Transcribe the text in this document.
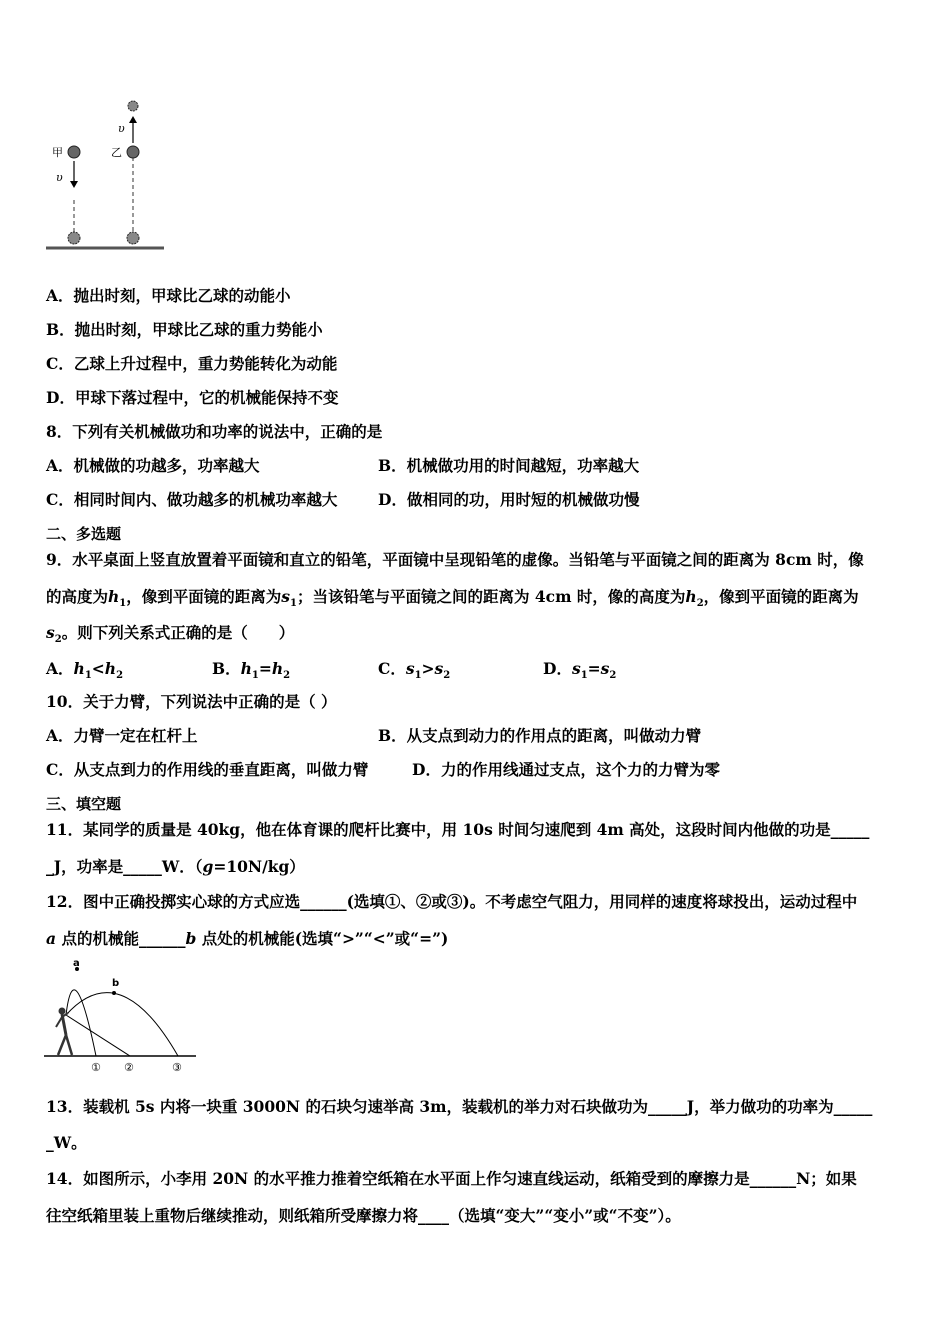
甲	乙
υ
υ
A．抛出时刻，甲球比乙球的动能小
B．抛出时刻，甲球比乙球的重力势能小
C．乙球上升过程中，重力势能转化为动能
D．甲球下落过程中，它的机械能保持不变
8．下列有关机械做功和功率的说法中，正确的是
A．机械做的功越多，功率越大	B．机械做功用的时间越短，功率越大
C．相同时间内、做功越多的机械功率越大	D．做相同的功，用时短的机械做功慢
二、多选题
9．水平桌面上竖直放置着平面镜和直立的铅笔，平面镜中呈现铅笔的虚像。当铅笔与平面镜之间的距离为 8cm 时，像
的高度为$h_1$，像到平面镜的距离为$s_1$；当该铅笔与平面镜之间的距离为 4cm 时，像的高度为$h_2$，像到平面镜的距离为
$s_2$。则下列关系式正确的是（　　）
A．$h_1<h_2$	B．$h_1=h_2$	C．$s_1>s_2$	D．$s_1=s_2$
10．关于力臂，下列说法中正确的是（ ）
A．力臂一定在杠杆上	B．从支点到动力的作用点的距离，叫做动力臂
C．从支点到力的作用线的垂直距离，叫做力臂	D．力的作用线通过支点，这个力的力臂为零
三、填空题
11．某同学的质量是 40kg，他在体育课的爬杆比赛中，用 10s 时间匀速爬到 4m 高处，这段时间内他做的功是_____
_J，功率是_____W．（g=10N/kg）
12．图中正确投掷实心球的方式应选______(选填①、②或③)。不考虑空气阻力，用同样的速度将球投出，运动过程中
a 点的机械能______b 点处的机械能(选填“>”“<”或“=”)
a
b
① ②	③
13．装载机 5s 内将一块重 3000N 的石块匀速举高 3m，装载机的举力对石块做功为_____J，举力做功的功率为_____
_W。
14．如图所示，小李用 20N 的水平推力推着空纸箱在水平面上作匀速直线运动，纸箱受到的摩擦力是______N；如果
往空纸箱里装上重物后继续推动，则纸箱所受摩擦力将____（选填“变大”“变小”或“不变”）。
